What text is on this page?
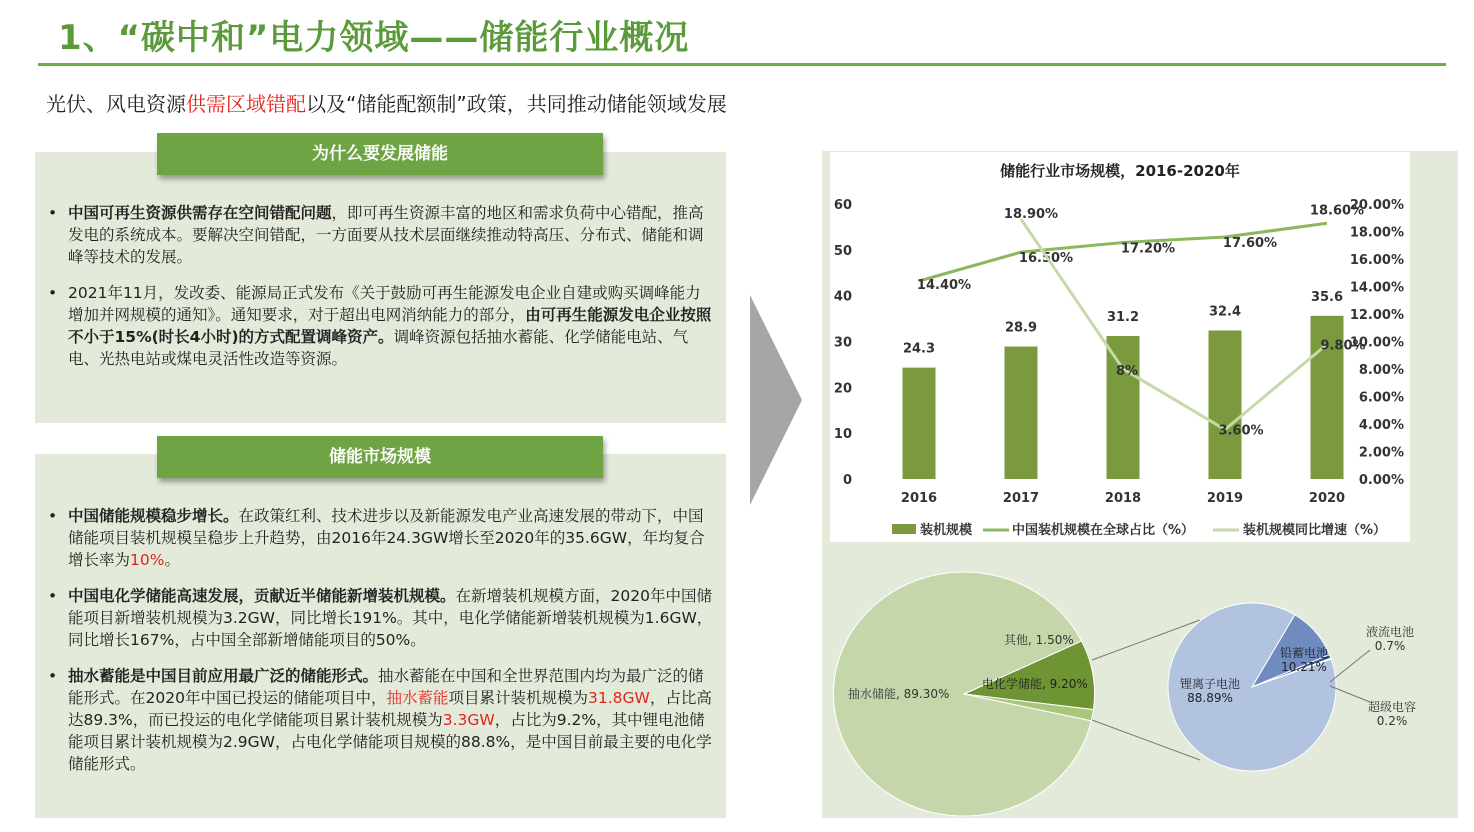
1、“碳中和”电力领域——储能行业概况
光伏、风电资源供需区域错配以及“储能配额制”政策，共同推动储能领域发展
为什么要发展储能
• 中国可再生资源供需存在空间错配问题，即可再生资源丰富的地区和需求负荷中心错配，推高发电的系统成本。要解决空间错配，一方面要从技术层面继续推动特高压、分布式、储能和调峰等技术的发展。
• 2021年11月，发改委、能源局正式发布《关于鼓励可再生能源发电企业自建或购买调峰能力增加并网规模的通知》。通知要求，对于超出电网消纳能力的部分，由可再生能源发电企业按照不小于15%(时长4小时)的方式配置调峰资产。调峰资源包括抽水蓄能、化学储能电站、气电、光热电站或煤电灵活性改造等资源。
储能市场规模
• 中国储能规模稳步增长。在政策红利、技术进步以及新能源发电产业高速发展的带动下，中国储能项目装机规模呈稳步上升趋势，由2016年24.3GW增长至2020年的35.6GW，年均复合增长率为10%。
• 中国电化学储能高速发展，贡献近半储能新增装机规模。在新增装机规模方面，2020年中国储能项目新增装机规模为3.2GW，同比增长191%。其中，电化学储能新增装机规模为1.6GW，同比增长167%，占中国全部新增储能项目的50%。
• 抽水蓄能是中国目前应用最广泛的储能形式。抽水蓄能在中国和全世界范围内均为最广泛的储能形式。在2020年中国已投运的储能项目中，抽水蓄能项目累计装机规模为31.8GW，占比高达89.3%，而已投运的电化学储能项目累计装机规模为3.3GW，占比为9.2%，其中锂电池储能项目累计装机规模为2.9GW，占电化学储能项目规模的88.8%，是中国目前最主要的电化学储能形式。
储能行业市场规模，2016-2020年
0
10
20
30
40
50
60
0.00%
2.00%
4.00%
6.00%
8.00%
10.00%
12.00%
14.00%
16.00%
18.00%
20.00%
2016	2017	2018	2019	2020
24.3
28.9
31.2	32.4
35.6
14.40%
16.50%
17.20%	17.60%
18.60%
18.90%
8%
3.60%
9.80%
装机规模	中国装机规模在全球占比（%）	装机规模同比增速（%）
抽水储能, 89.30%
电化学储能, 9.20%
其他, 1.50%
锂离子电池
88.89%
铅蓄电池
10.21%
液流电池
0.7%
超级电容
0.2%
